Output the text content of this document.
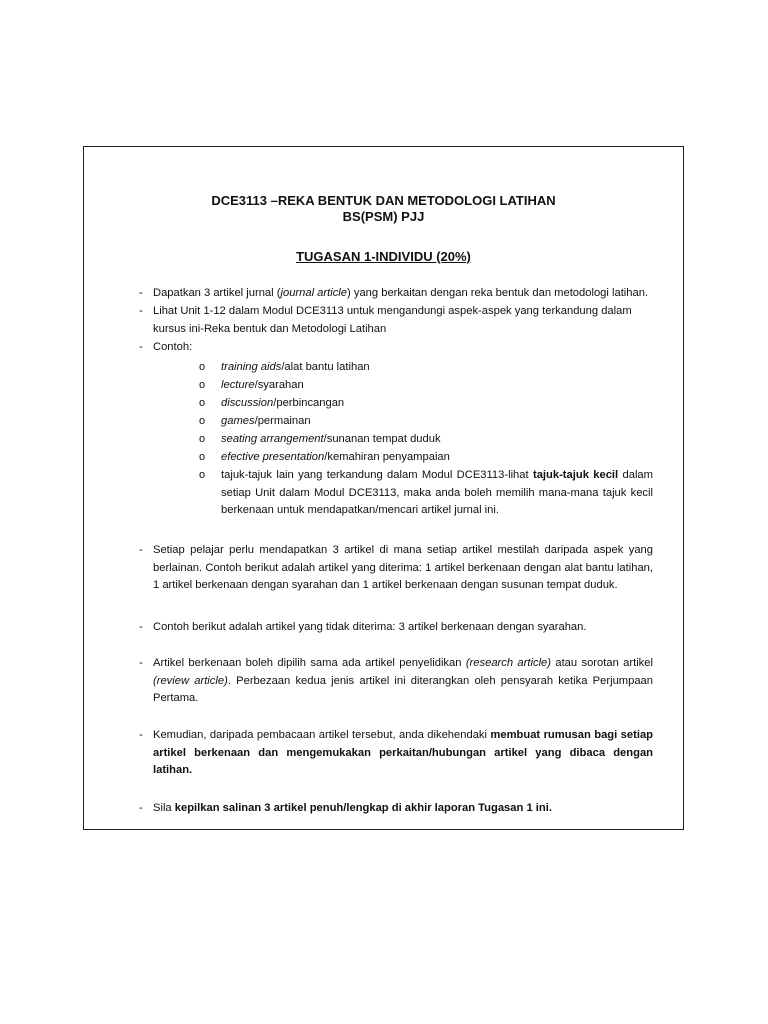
DCE3113 –REKA BENTUK DAN METODOLOGI LATIHAN
BS(PSM) PJJ
TUGASAN 1-INDIVIDU (20%)
- Dapatkan 3 artikel jurnal (journal article) yang berkaitan dengan reka bentuk dan metodologi latihan.
- Lihat Unit 1-12 dalam Modul DCE3113 untuk mengandungi aspek-aspek yang terkandung dalam kursus ini-Reka bentuk dan Metodologi Latihan
- Contoh:
o training aids/alat bantu latihan
o lecture/syarahan
o discussion/perbincangan
o games/permainan
o seating arrangement/sunanan tempat duduk
o efective presentation/kemahiran penyampaian
o tajuk-tajuk lain yang terkandung dalam Modul DCE3113-lihat tajuk-tajuk kecil dalam setiap Unit dalam Modul DCE3113, maka anda boleh memilih mana-mana tajuk kecil berkenaan untuk mendapatkan/mencari artikel jurnal ini.
- Setiap pelajar perlu mendapatkan 3 artikel di mana setiap artikel mestilah daripada aspek yang berlainan. Contoh berikut adalah artikel yang diterima: 1 artikel berkenaan dengan alat bantu latihan, 1 artikel berkenaan dengan syarahan dan 1 artikel berkenaan dengan susunan tempat duduk.
- Contoh berikut adalah artikel yang tidak diterima: 3 artikel berkenaan dengan syarahan.
- Artikel berkenaan boleh dipilih sama ada artikel penyelidikan (research article) atau sorotan artikel (review article). Perbezaan kedua jenis artikel ini diterangkan oleh pensyarah ketika Perjumpaan Pertama.
- Kemudian, daripada pembacaan artikel tersebut, anda dikehendaki membuat rumusan bagi setiap artikel berkenaan dan mengemukakan perkaitan/hubungan artikel yang dibaca dengan latihan.
- Sila kepilkan salinan 3 artikel penuh/lengkap di akhir laporan Tugasan 1 ini.
